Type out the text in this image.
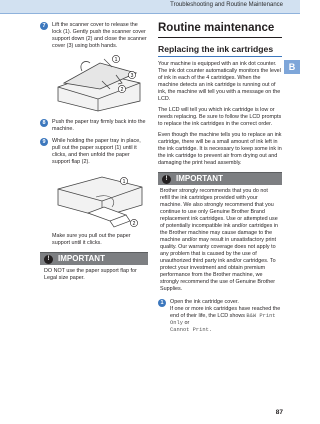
Troubleshooting and Routine Maintenance
B
7	Lift the scanner cover to release the lock (1). Gently push the scanner cover support down (2) and close the scanner cover (3) using both hands.

1
3
2
8	Push the paper tray firmly back into the machine.

9	While holding the paper tray in place, pull out the paper support (1) until it clicks, and then unfold the paper support flap (2).

1
2
Make sure you pull out the paper support until it clicks.
!	IMPORTANT
DO NOT use the paper support flap for Legal size paper.
Routine maintenance
Replacing the ink cartridges

Your machine is equipped with an ink dot counter. The ink dot counter automatically monitors the level of ink in each of the 4 cartridges. When the machine detects an ink cartridge is running out of ink, the machine will tell you with a message on the LCD.

The LCD will tell you which ink cartridge is low or needs replacing. Be sure to follow the LCD prompts to replace the ink cartridges in the correct order.

Even though the machine tells you to replace an ink cartridge, there will be a small amount of ink left in the ink cartridge. It is necessary to keep some ink in the ink cartridge to prevent air from drying out and damaging the print head assembly.

!	IMPORTANT
Brother strongly recommends that you do not refill the ink cartridges provided with your machine. We also strongly recommend that you continue to use only Genuine Brother Brand replacement ink cartridges. Use or attempted use of potentially incompatible ink and/or cartridges in the Brother machine may cause damage to the machine and/or may result in unsatisfactory print quality. Our warranty coverage does not apply to any problem that is caused by the use of unauthorized third party ink and/or cartridges. To protect your investment and obtain premium performance from the Brother machine, we strongly recommend the use of Genuine Brother Supplies.
1	Open the ink cartridge cover.

If one or more ink cartridges have reached the end of their life, the LCD shows B&W Print Only or
Cannot Print.

87
